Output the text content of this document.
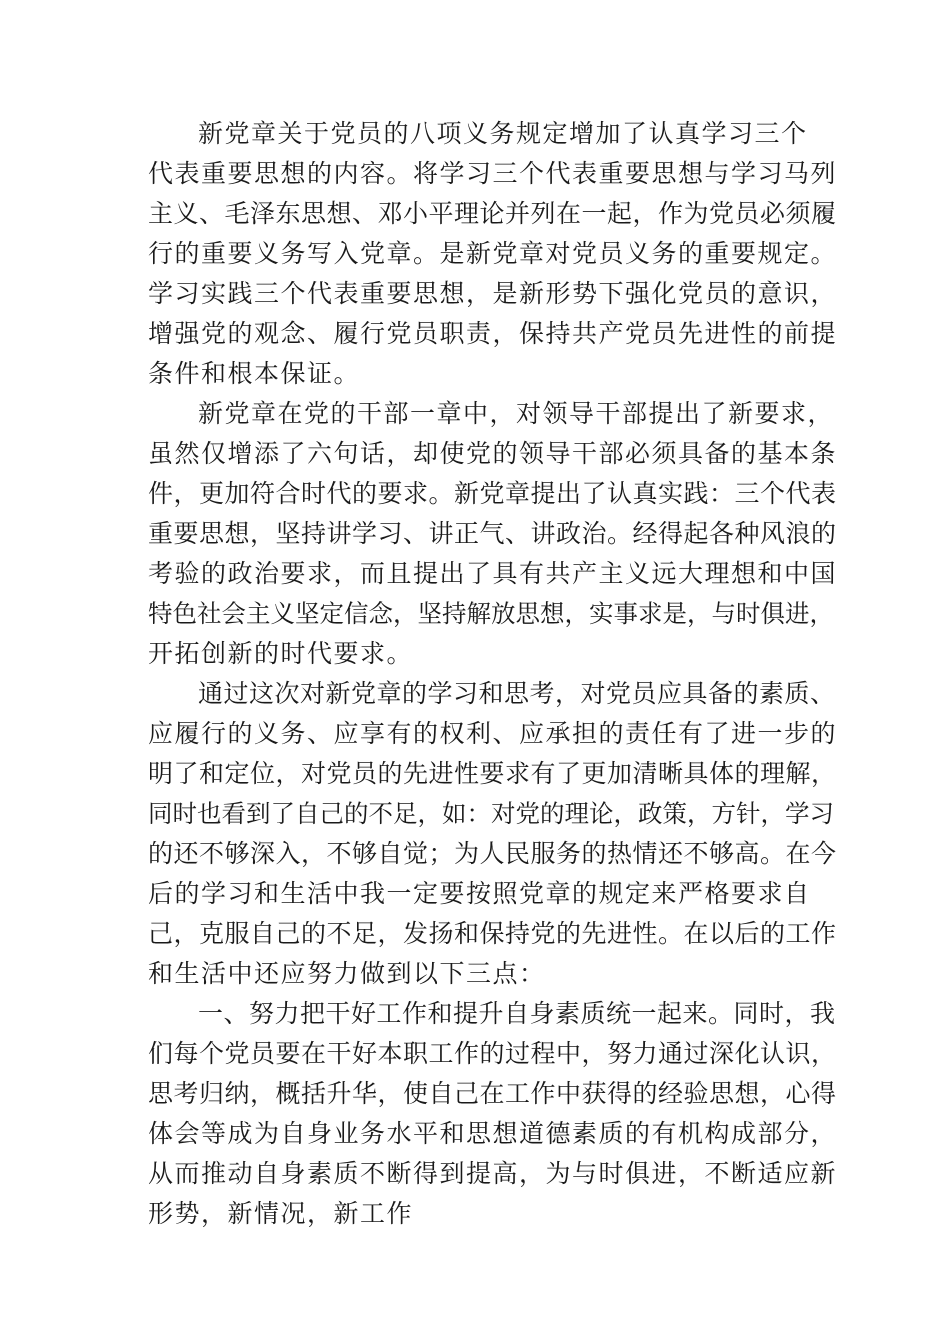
新党章关于党员的八项义务规定增加了认真学习三个
代表重要思想的内容。将学习三个代表重要思想与学习马列
主义、毛泽东思想、邓小平理论并列在一起，作为党员必须履
行的重要义务写入党章。是新党章对党员义务的重要规定。
学习实践三个代表重要思想，是新形势下强化党员的意识，
增强党的观念、履行党员职责，保持共产党员先进性的前提
条件和根本保证。
新党章在党的干部一章中，对领导干部提出了新要求，
虽然仅增添了六句话，却使党的领导干部必须具备的基本条
件，更加符合时代的要求。新党章提出了认真实践：三个代表
重要思想，坚持讲学习、讲正气、讲政治。经得起各种风浪的
考验的政治要求，而且提出了具有共产主义远大理想和中国
特色社会主义坚定信念，坚持解放思想，实事求是，与时俱进，
开拓创新的时代要求。
通过这次对新党章的学习和思考，对党员应具备的素质、
应履行的义务、应享有的权利、应承担的责任有了进一步的
明了和定位，对党员的先进性要求有了更加清晰具体的理解，
同时也看到了自己的不足，如：对党的理论，政策，方针，学习
的还不够深入，不够自觉；为人民服务的热情还不够高。在今
后的学习和生活中我一定要按照党章的规定来严格要求自
己，克服自己的不足，发扬和保持党的先进性。在以后的工作
和生活中还应努力做到以下三点：
一、努力把干好工作和提升自身素质统一起来。同时，我
们每个党员要在干好本职工作的过程中，努力通过深化认识，
思考归纳，概括升华，使自己在工作中获得的经验思想，心得
体会等成为自身业务水平和思想道德素质的有机构成部分，
从而推动自身素质不断得到提高，为与时俱进，不断适应新
形势，新情况，新工作
